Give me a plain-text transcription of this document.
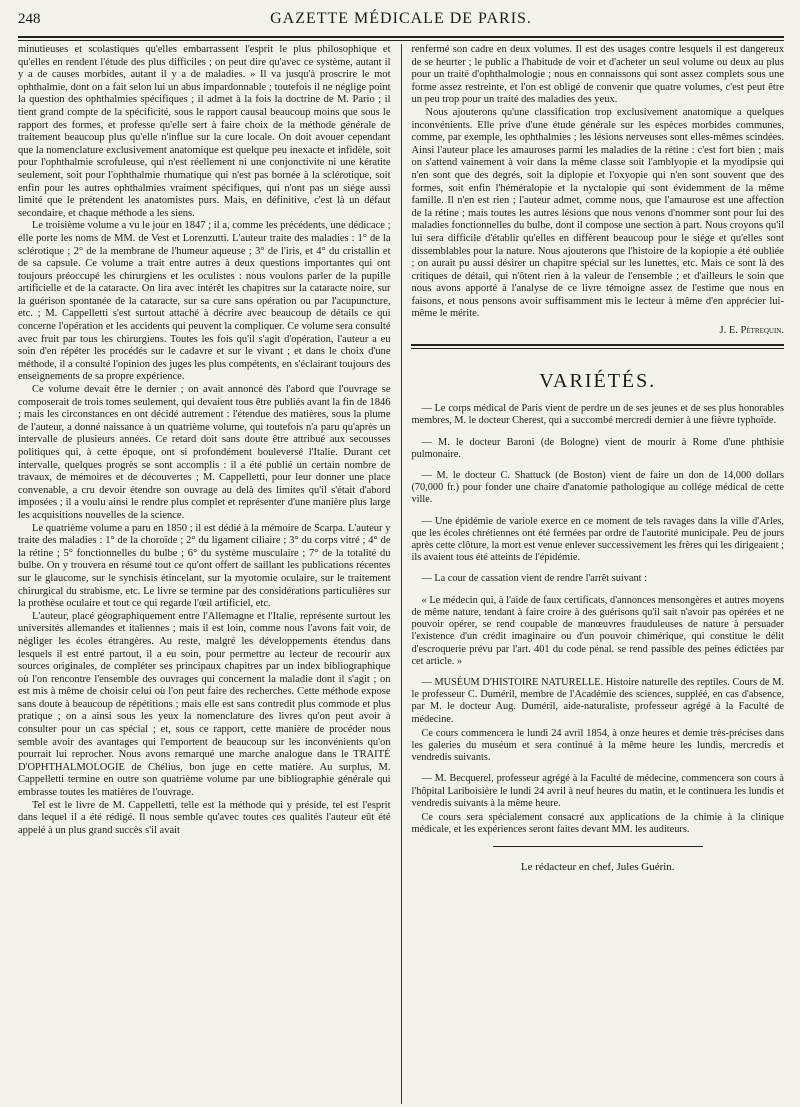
248	GAZETTE MÉDICALE DE PARIS.

minutieuses et scolastiques qu'elles embarrassent l'esprit le plus philosophique et qu'elles en rendent l'étude des plus difficiles ; on peut dire qu'avec ce système, autant il y a de causes morbides, autant il y a de maladies. » Il va jusqu'à proscrire le mot ophthalmie, dont on a fait selon lui un abus impardonnable ; toutefois il ne néglige point la question des ophthalmies spécifiques ; il admet à la fois la doctrine de M. Pario ; il tient grand compte de la spécificité, sous le rapport causal beaucoup moins que sous le rapport des formes, et professe qu'elle sert à faire choix de la méthode générale de traitement beaucoup plus qu'elle n'influe sur la cure locale. On doit avouer cependant que la nomenclature exclusivement anatomique est quelque peu inexacte et infidèle, soit pour l'ophthalmie scrofuleuse, qui n'est réellement ni une conjonctivite ni une kératite seulement, soit pour l'ophthalmie rhumatique qui n'est pas bornée à la sclérotique, soit enfin pour les autres ophthalmies vraiment spécifiques, qui n'ont pas un siége aussi limité que le prétendent les anatomistes purs. Mais, en définitive, c'est là un défaut secondaire, et chaque méthode a les siens.

Le troisième volume a vu le jour en 1847 ; il a, comme les précédents, une dédicace ; elle porte les noms de MM. de Vest et Lorenzutti. L'auteur traite des maladies : 1° de la sclérotique ; 2° de la membrane de l'humeur aqueuse ; 3° de l'iris, et 4° du cristallin et de sa capsule. Ce volume a trait entre autres à deux questions importantes qui ont toujours préoccupé les chirurgiens et les oculistes : nous voulons parler de la pupille artificielle et de la cataracte. On lira avec intérêt les chapitres sur la cataracte noire, sur la guérison spontanée de la cataracte, sur sa cure sans opération ou par l'acupuncture, etc. ; M. Cappelletti s'est surtout attaché à décrire avec beaucoup de détails ce qui concerne l'opération et les accidents qui peuvent la compliquer. Ce volume sera consulté avec fruit par tous les chirurgiens. Toutes les fois qu'il s'agit d'opération, l'auteur a eu soin d'en répéter les procédés sur le cadavre et sur le vivant ; et dans le choix d'une méthode, il a consulté l'opinion des juges les plus compétents, en s'éclairant toujours des enseignements de sa propre expérience.

Ce volume devait être le dernier ; on avait annoncé dès l'abord que l'ouvrage se composerait de trois tomes seulement, qui devaient tous être publiés avant la fin de 1846 ; mais les circonstances en ont décidé autrement : l'étendue des matières, sous la plume de l'auteur, a donné naissance à un quatrième volume, qui toutefois n'a paru qu'après un intervalle de plusieurs années. Ce retard doit sans doute être attribué aux secousses politiques qui, à cette époque, ont si profondément bouleversé l'Italie. Durant cet intervalle, quelques progrès se sont accomplis : il a été publié un certain nombre de travaux, de mémoires et de découvertes ; M. Cappelletti, pour leur donner une place convenable, a cru devoir étendre son ouvrage au delà des limites qu'il s'était d'abord imposées ; il a voulu ainsi le rendre plus complet et représenter d'une manière plus large les acquisitions nouvelles de la science.

Le quatrième volume a paru en 1850 ; il est dédié à la mémoire de Scarpa. L'auteur y traite des maladies : 1° de la choroïde ; 2° du ligament ciliaire ; 3° du corps vitré ; 4° de la rétine ; 5° fonctionnelles du bulbe ; 6° du système musculaire ; 7° de la totalité du bulbe. On y trouvera en résumé tout ce qu'ont offert de saillant les publications récentes sur le glaucome, sur le synchisis étincelant, sur la myotomie oculaire, sur le traitement chirurgical du strabisme, etc. Le livre se termine par des considérations particulières sur la prothèse oculaire et tout ce qui regarde l'œil artificiel, etc.

L'auteur, placé géographiquement entre l'Allemagne et l'Italie, représente surtout les universités allemandes et italiennes ; mais il est loin, comme nous l'avons fait voir, de négliger les écoles étrangères. Au reste, malgré les développements étendus dans lesquels il est entré partout, il a eu soin, pour permettre au lecteur de recourir aux sources originales, de compléter ses principaux chapitres par un index bibliographique où l'on rencontre l'ensemble des ouvrages qui concernent la maladie dont il s'agit ; on est mis à même de choisir celui où l'on peut faire des recherches. Cette méthode expose sans doute à beaucoup de répétitions ; mais elle est sans contredit plus commode et plus pratique ; on a ainsi sous les yeux la nomenclature des livres qu'on peut avoir à consulter pour un cas spécial ; et, sous ce rapport, cette manière de procéder nous semble avoir des avantages qui l'emportent de beaucoup sur les inconvénients qu'on pourrait lui reprocher. Nous avons remarqué une marche analogue dans le TRAITÉ D'OPHTHALMOLOGIE de Chélius, bon juge en cette matière. Au surplus, M. Cappelletti termine en outre son quatrième volume par une bibliographie générale qui embrasse toutes les matières de l'ouvrage.

Tel est le livre de M. Cappelletti, telle est la méthode qui y préside, tel est l'esprit dans lequel il a été rédigé. Il nous semble qu'avec toutes ces qualités l'auteur eût été appelé à un plus grand succès s'il avait

renfermé son cadre en deux volumes. Il est des usages contre lesquels il est dangereux de se heurter ; le public a l'habitude de voir et d'acheter un seul volume ou deux au plus pour un traité d'ophthalmologie ; nous en connaissons qui sont assez complets sous une forme assez restreinte, et l'on est obligé de convenir que quatre volumes, c'est peut être un peu trop pour un traité des maladies des yeux.

Nous ajouterons qu'une classification trop exclusivement anatomique a quelques inconvénients. Elle prive d'une étude générale sur les espèces morbides communes, comme, par exemple, les ophthalmies ; les lésions nerveuses sont elles-mêmes scindées. Ainsi l'auteur place les amauroses parmi les maladies de la rétine : c'est fort bien ; mais on s'attend vainement à voir dans la même classe soit l'amblyopie et la myodipsie qui n'en sont que des degrés, soit la diplopie et l'oxyopie qui n'en sont souvent que des formes, soit enfin l'héméralopie et la nyctalopie qui sont évidemment de la même famille. Il n'en est rien ; l'auteur admet, comme nous, que l'amaurose est une affection de la rétine ; mais toutes les autres lésions que nous venons d'nommer sont pour lui des maladies fonctionnelles du bulbe, dont il compose une section à part. Nous croyons qu'il lui sera difficile d'établir qu'elles en diffèrent beaucoup pour le siége et qu'elles sont dissemblables pour la nature. Nous ajouterons que l'histoire de la kopiopie a été oubliée ; on aurait pu aussi désirer un chapitre spécial sur les lunettes, etc. Mais ce sont là des critiques de détail, qui n'ôtent rien à la valeur de l'ensemble ; et d'ailleurs le soin que nous avons apporté à l'analyse de ce livre témoigne assez de l'estime que nous en faisons, et nous pensons avoir suffisamment mis le lecteur à même d'en apprécier lui-même le mérite.

J. E. Pétrequin.
VARIÉTÉS.

— Le corps médical de Paris vient de perdre un de ses jeunes et de ses plus honorables membres, M. le docteur Cherest, qui a succombé mercredi dernier à une fièvre typhoïde.

— M. le docteur Baroni (de Bologne) vient de mourir à Rome d'une phthisie pulmonaire.

— M. le docteur C. Shattuck (de Boston) vient de faire un don de 14,000 dollars (70,000 fr.) pour fonder une chaire d'anatomie pathologique au collége médical de cette ville.

— Une épidémie de variole exerce en ce moment de tels ravages dans la ville d'Arles, que les écoles chrétiennes ont été fermées par ordre de l'autorité municipale. Peu de jours après cette clôture, la mort est venue enlever successivement les frères qui les dirigeaient ; ils avaient tous été atteints de l'épidémie.

— La cour de cassation vient de rendre l'arrêt suivant :

« Le médecin qui, à l'aide de faux certificats, d'annonces mensongères et autres moyens de même nature, tendant à faire croire à des guérisons qu'il sait n'avoir pas opérées et ne pouvoir opérer, se rend coupable de manœuvres frauduleuses de nature à persuader l'existence d'un crédit imaginaire ou d'un pouvoir chimérique, qui constitue le délit d'escroquerie prévu par l'art. 401 du code pénal. se rend passible des peines édictées par cet article. »

— MUSÉUM D'HISTOIRE NATURELLE. Histoire naturelle des reptiles. Cours de M. le professeur C. Duméril, membre de l'Académie des sciences, suppléé, en cas d'absence, par M. le docteur Aug. Duméril, aide-naturaliste, professeur agrégé à la Faculté de médecine.

Ce cours commencera le lundi 24 avril 1854, à onze heures et demie très-précises dans les galeries du muséum et sera continué à la même heure les lundis, mercredis et vendredis suivants.

— M. Becquerel, professeur agrégé à la Faculté de médecine, commencera son cours à l'hôpital Lariboisière le lundi 24 avril à neuf heures du matin, et le continuera les lundis et vendredis suivants à la même heure.

Ce cours sera spécialement consacré aux applications de la chimie à la clinique médicale, et les expériences seront faites devant MM. les auditeurs.

Le rédacteur en chef, Jules Guérin.
